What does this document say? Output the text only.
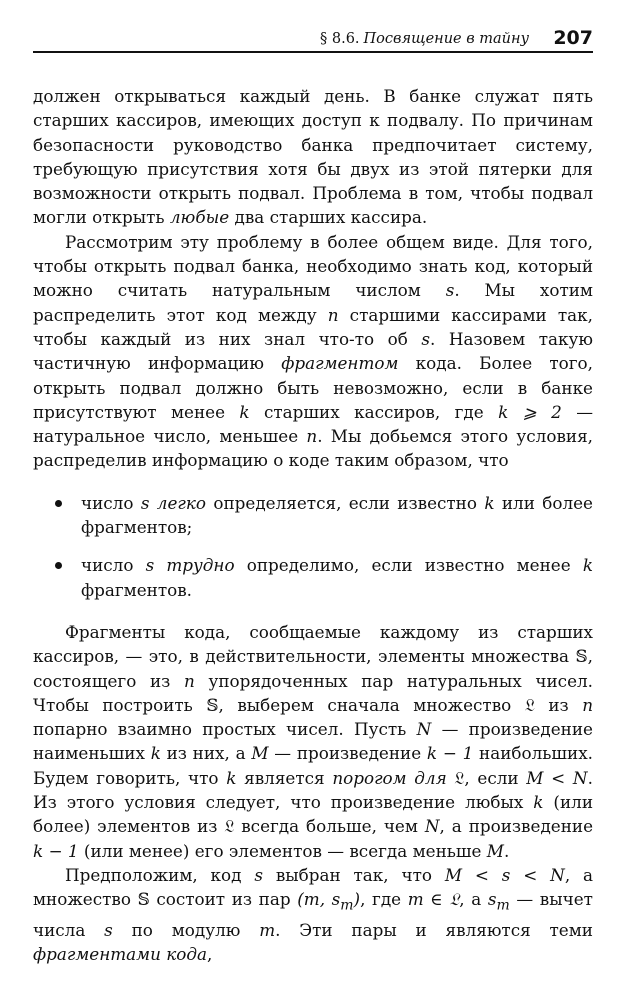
§ 8.6. Посвящение в тайну 207

должен открываться каждый день. В банке служат пять старших кассиров, имеющих доступ к подвалу. По причинам безопасности руководство банка предпочитает систему, требующую присутствия хотя бы двух из этой пятерки для возможности открыть подвал. Проблема в том, чтобы подвал могли открыть любые два старших кассира.

Рассмотрим эту проблему в более общем виде. Для того, чтобы открыть подвал банка, необходимо знать код, который можно считать натуральным числом s. Мы хотим распределить этот код между n старшими кассирами так, чтобы каждый из них знал что-то об s. Назовем такую частичную информацию фрагментом кода. Более того, открыть подвал должно быть невозможно, если в банке присутствуют менее k старших кассиров, где k ⩾ 2 — натуральное число, меньшее n. Мы добьемся этого условия, распределив информацию о коде таким образом, что

число s легко определяется, если известно k или более фрагментов;
число s трудно определимо, если известно менее k фрагментов.

Фрагменты кода, сообщаемые каждому из старших кассиров, — это, в действительности, элементы множества 𝕊, состоящего из n упорядоченных пар натуральных чисел. Чтобы построить 𝕊, выберем сначала множество 𝔏 из n попарно взаимно простых чисел. Пусть N — произведение наименьших k из них, а M — произведение k − 1 наибольших. Будем говорить, что k является порогом для 𝔏, если M < N. Из этого условия следует, что произведение любых k (или более) элементов из 𝔏 всегда больше, чем N, а произведение k − 1 (или менее) его элементов — всегда меньше M.

Предположим, код s выбран так, что M < s < N, а множество 𝕊 состоит из пар (m, $s_m$), где m ∈ 𝔏, а $s_m$ — вычет числа s по модулю m. Эти пары и являются теми фрагментами кода,
